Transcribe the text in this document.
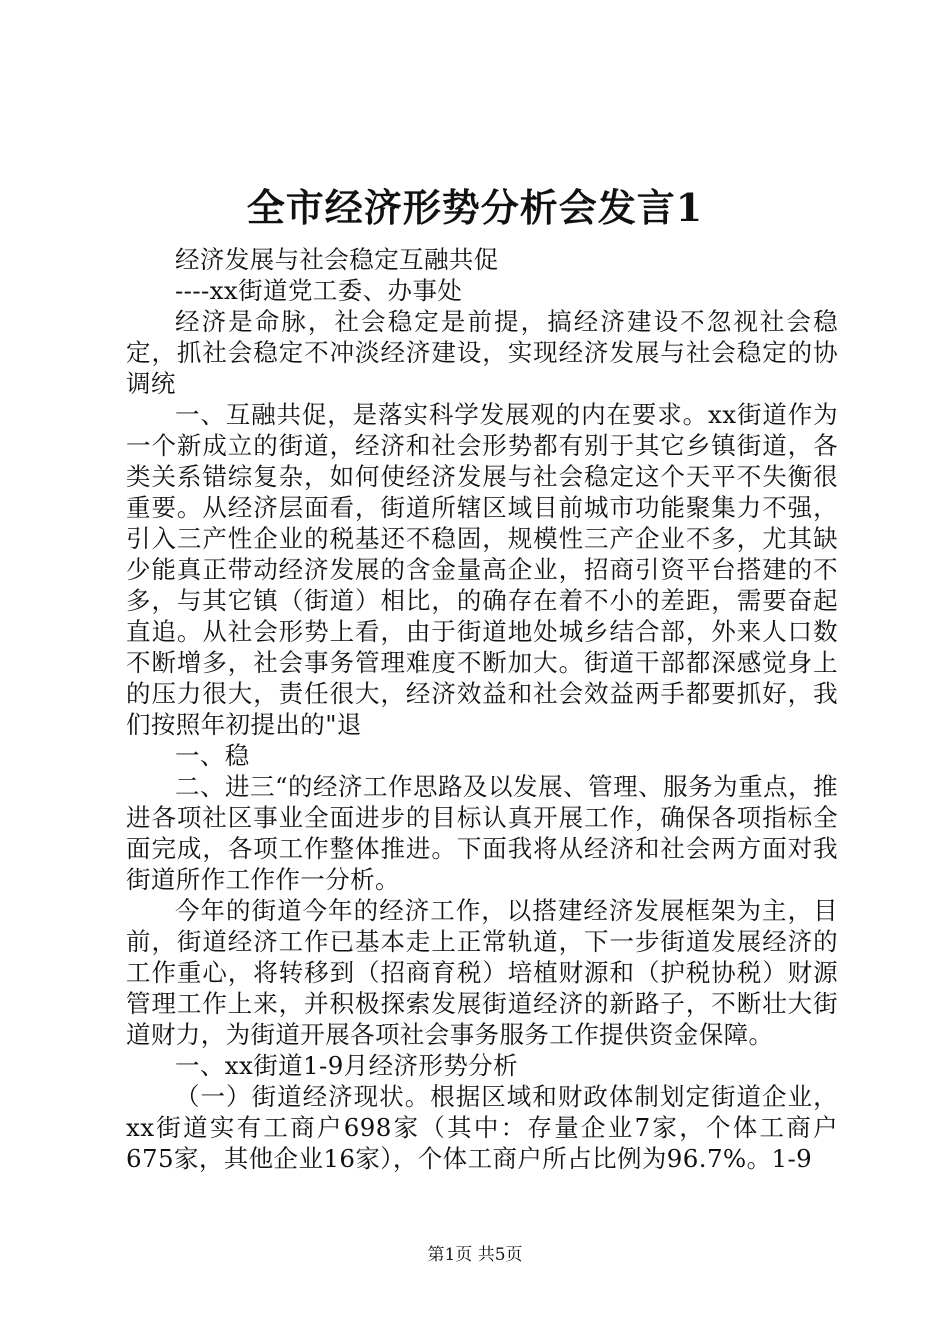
全市经济形势分析会发言1

经济发展与社会稳定互融共促

----xx街道党工委、办事处

经济是命脉，社会稳定是前提，搞经济建设不忽视社会稳定，抓社会稳定不冲淡经济建设，实现经济发展与社会稳定的协调统

一、互融共促，是落实科学发展观的内在要求。xx街道作为一个新成立的街道，经济和社会形势都有别于其它乡镇街道，各类关系错综复杂，如何使经济发展与社会稳定这个天平不失衡很重要。从经济层面看，街道所辖区域目前城市功能聚集力不强，引入三产性企业的税基还不稳固，规模性三产企业不多，尤其缺少能真正带动经济发展的含金量高企业，招商引资平台搭建的不多，与其它镇（街道）相比，的确存在着不小的差距，需要奋起直追。从社会形势上看，由于街道地处城乡结合部，外来人口数不断增多，社会事务管理难度不断加大。街道干部都深感觉身上的压力很大，责任很大，经济效益和社会效益两手都要抓好，我们按照年初提出的"退

一、稳

二、进三“的经济工作思路及以发展、管理、服务为重点，推进各项社区事业全面进步的目标认真开展工作，确保各项指标全面完成，各项工作整体推进。下面我将从经济和社会两方面对我街道所作工作作一分析。

今年的街道今年的经济工作，以搭建经济发展框架为主，目前，街道经济工作已基本走上正常轨道，下一步街道发展经济的工作重心，将转移到（招商育税）培植财源和（护税协税）财源管理工作上来，并积极探索发展街道经济的新路子，不断壮大街道财力，为街道开展各项社会事务服务工作提供资金保障。

一、xx街道1-9月经济形势分析

（一）街道经济现状。根据区域和财政体制划定街道企业，xx街道实有工商户698家（其中：存量企业7家，个体工商户675家，其他企业16家），个体工商户所占比例为96.7%。1-9

第1页 共5页
